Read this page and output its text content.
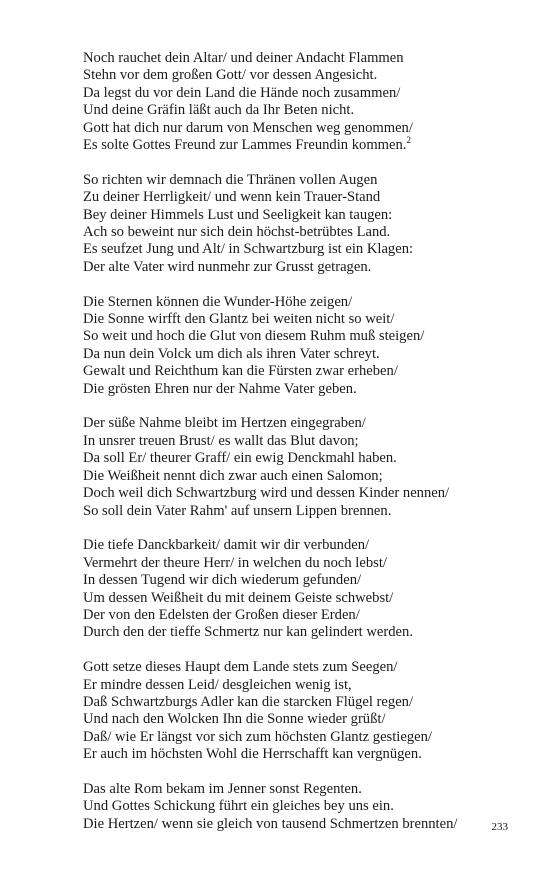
Noch rauchet dein Altar/ und deiner Andacht Flammen
Stehn vor dem großen Gott/ vor dessen Angesicht.
Da legst du vor dein Land die Hände noch zusammen/
Und deine Gräfin läßt auch da Ihr Beten nicht.
Gott hat dich nur darum von Menschen weg genommen/
Es solte Gottes Freund zur Lammes Freundin kommen.$^2$
So richten wir demnach die Thränen vollen Augen
Zu deiner Herrligkeit/ und wenn kein Trauer-Stand
Bey deiner Himmels Lust und Seeligkeit kan taugen:
Ach so beweint nur sich dein höchst-betrübtes Land.
Es seufzet Jung und Alt/ in Schwartzburg ist ein Klagen:
Der alte Vater wird nunmehr zur Grusst getragen.
Die Sternen können die Wunder-Höhe zeigen/
Die Sonne wirfft den Glantz bei weiten nicht so weit/
So weit und hoch die Glut von diesem Ruhm muß steigen/
Da nun dein Volck um dich als ihren Vater schreyt.
Gewalt und Reichthum kan die Fürsten zwar erheben/
Die grösten Ehren nur der Nahme Vater geben.
Der süße Nahme bleibt im Hertzen eingegraben/
In unsrer treuen Brust/ es wallt das Blut davon;
Da soll Er/ theurer Graff/ ein ewig Denckmahl haben.
Die Weißheit nennt dich zwar auch einen Salomon;
Doch weil dich Schwartzburg wird und dessen Kinder nennen/
So soll dein Vater Rahm' auf unsern Lippen brennen.
Die tiefe Danckbarkeit/ damit wir dir verbunden/
Vermehrt der theure Herr/ in welchen du noch lebst/
In dessen Tugend wir dich wiederum gefunden/
Um dessen Weißheit du mit deinem Geiste schwebst/
Der von den Edelsten der Großen dieser Erden/
Durch den der tieffe Schmertz nur kan gelindert werden.
Gott setze dieses Haupt dem Lande stets zum Seegen/
Er mindre dessen Leid/ desgleichen wenig ist,
Daß Schwartzburgs Adler kan die starcken Flügel regen/
Und nach den Wolcken Ihn die Sonne wieder grüßt/
Daß/ wie Er längst vor sich zum höchsten Glantz gestiegen/
Er auch im höchsten Wohl die Herrschafft kan vergnügen.
Das alte Rom bekam im Jenner sonst Regenten.
Und Gottes Schickung führt ein gleiches bey uns ein.
Die Hertzen/ wenn sie gleich von tausend Schmertzen brennten/	233
